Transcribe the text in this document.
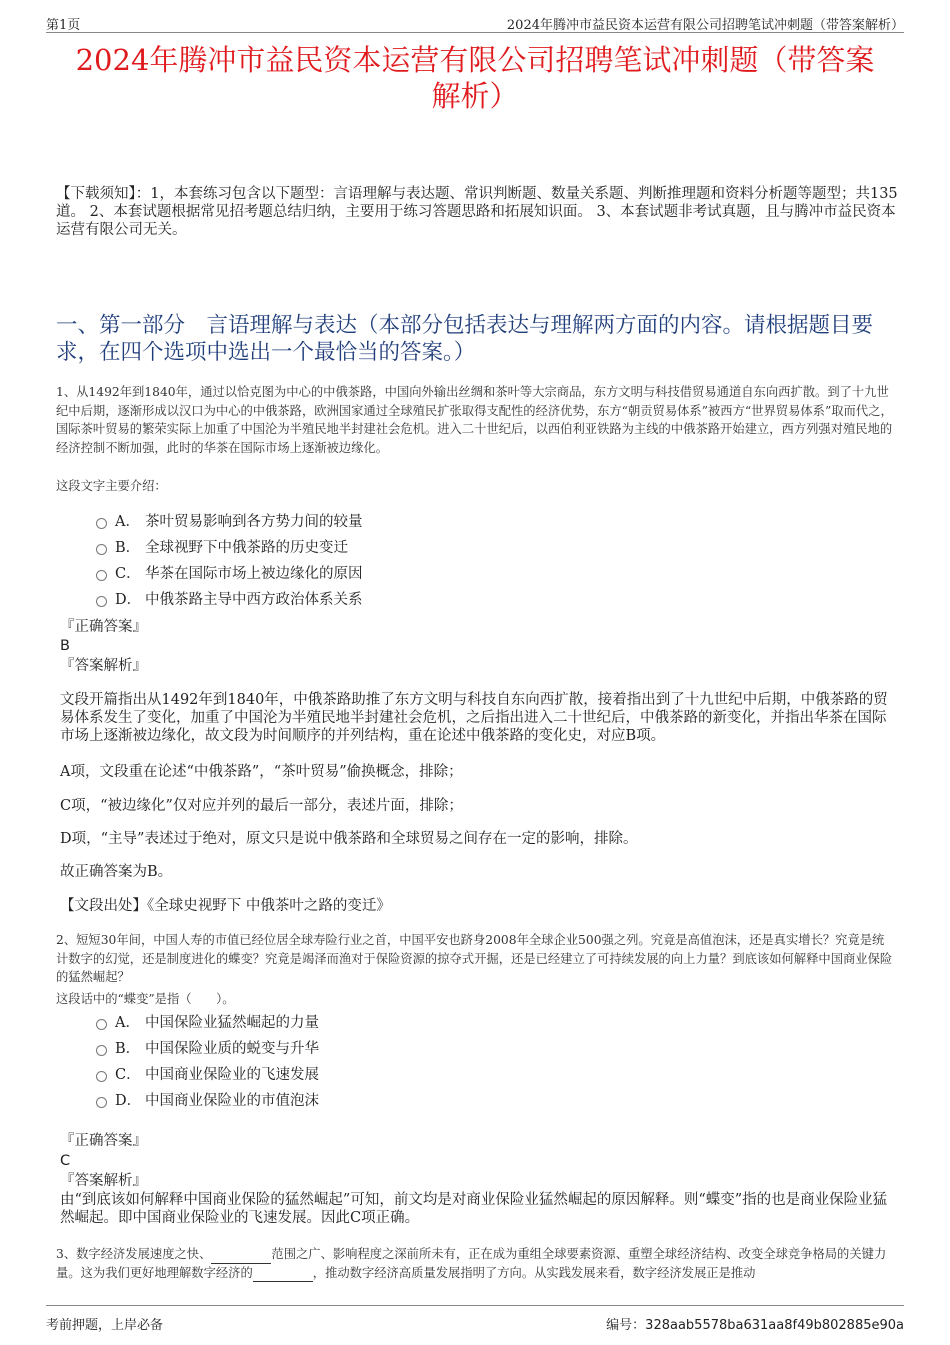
第1页	2024年腾冲市益民资本运营有限公司招聘笔试冲刺题（带答案解析）
2024年腾冲市益民资本运营有限公司招聘笔试冲刺题（带答案
解析）
【下载须知】：1，本套练习包含以下题型：言语理解与表达题、常识判断题、数量关系题、判断推理题和资料分析题等题型；共135道。 2、本套试题根据常见招考题总结归纳，主要用于练习答题思路和拓展知识面。 3、本套试题非考试真题，且与腾冲市益民资本运营有限公司无关。
一、第一部分　言语理解与表达（本部分包括表达与理解两方面的内容。请根据题目要求，在四个选项中选出一个最恰当的答案。）
1、从1492年到1840年，通过以恰克图为中心的中俄茶路，中国向外输出丝绸和茶叶等大宗商品，东方文明与科技借贸易通道自东向西扩散。到了十九世纪中后期，逐渐形成以汉口为中心的中俄茶路，欧洲国家通过全球殖民扩张取得支配性的经济优势，东方“朝贡贸易体系”被西方“世界贸易体系”取而代之，国际茶叶贸易的繁荣实际上加重了中国沦为半殖民地半封建社会危机。进入二十世纪后，以西伯利亚铁路为主线的中俄茶路开始建立，西方列强对殖民地的经济控制不断加强，此时的华茶在国际市场上逐渐被边缘化。
这段文字主要介绍：
A． 茶叶贸易影响到各方势力间的较量
B． 全球视野下中俄茶路的历史变迁
C． 华茶在国际市场上被边缘化的原因
D． 中俄茶路主导中西方政治体系关系
『正确答案』
B
『答案解析』
文段开篇指出从1492年到1840年，中俄茶路助推了东方文明与科技自东向西扩散，接着指出到了十九世纪中后期，中俄茶路的贸易体系发生了变化，加重了中国沦为半殖民地半封建社会危机，之后指出进入二十世纪后，中俄茶路的新变化，并指出华茶在国际市场上逐渐被边缘化，故文段为时间顺序的并列结构，重在论述中俄茶路的变化史，对应B项。
A项，文段重在论述“中俄茶路”，“茶叶贸易”偷换概念，排除；
C项，“被边缘化”仅对应并列的最后一部分，表述片面，排除；
D项，“主导”表述过于绝对，原文只是说中俄茶路和全球贸易之间存在一定的影响，排除。
故正确答案为B。
【文段出处】《全球史视野下 中俄茶叶之路的变迁》
2、短短30年间，中国人寿的市值已经位居全球寿险行业之首，中国平安也跻身2008年全球企业500强之列。究竟是高值泡沫，还是真实增长？究竟是统计数字的幻觉，还是制度进化的蝶变？究竟是竭泽而渔对于保险资源的掠夺式开掘，还是已经建立了可持续发展的向上力量？到底该如何解释中国商业保险的猛然崛起？
这段话中的“蝶变”是指（　　）。
A． 中国保险业猛然崛起的力量
B． 中国保险业质的蜕变与升华
C． 中国商业保险业的飞速发展
D． 中国商业保险业的市值泡沫
『正确答案』
C
『答案解析』
由“到底该如何解释中国商业保险的猛然崛起”可知，前文均是对商业保险业猛然崛起的原因解释。则“蝶变”指的也是商业保险业猛然崛起。即中国商业保险业的飞速发展。因此C项正确。
3、数字经济发展速度之快、	范围之广、影响程度之深前所未有，正在成为重组全球要素资源、重塑全球经济结构、改变全球竞争格局的关键力量。这为我们更好地理解数字经济的	，推动数字经济高质量发展指明了方向。从实践发展来看，数字经济发展正是推动
考前押题，上岸必备	编号：328aab5578ba631aa8f49b802885e90a
